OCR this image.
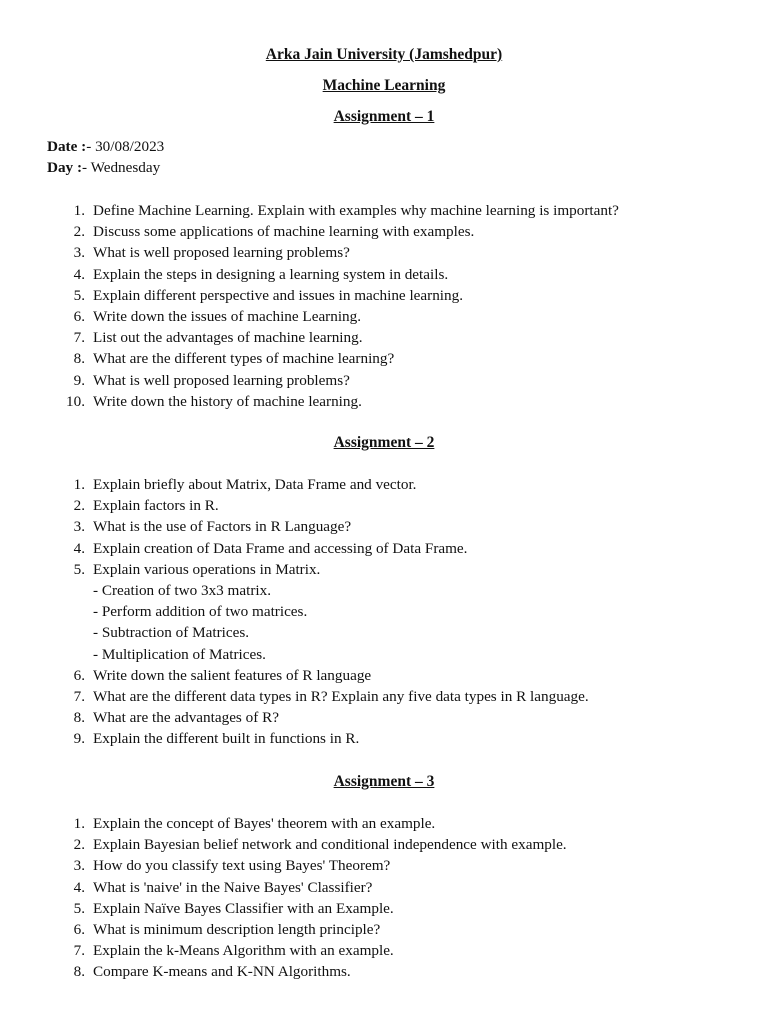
Arka Jain University (Jamshedpur)
Machine Learning
Assignment – 1
Date :- 30/08/2023
Day :- Wednesday
1. Define Machine Learning. Explain with examples why machine learning is important?
2. Discuss some applications of machine learning with examples.
3. What is well proposed learning problems?
4. Explain the steps in designing a learning system in details.
5. Explain different perspective and issues in machine learning.
6. Write down the issues of machine Learning.
7. List out the advantages of machine learning.
8. What are the different types of machine learning?
9. What is well proposed learning problems?
10. Write down the history of machine learning.
Assignment – 2
1. Explain briefly about Matrix, Data Frame and vector.
2. Explain factors in R.
3. What is the use of Factors in R Language?
4. Explain creation of Data Frame and accessing of Data Frame.
5. Explain various operations in Matrix.
- Creation of two 3x3 matrix.
- Perform addition of two matrices.
- Subtraction of Matrices.
- Multiplication of Matrices.
6. Write down the salient features of R language
7. What are the different data types in R? Explain any five data types in R language.
8. What are the advantages of R?
9. Explain the different built in functions in R.
Assignment – 3
1. Explain the concept of Bayes' theorem with an example.
2. Explain Bayesian belief network and conditional independence with example.
3. How do you classify text using Bayes' Theorem?
4. What is 'naive' in the Naive Bayes' Classifier?
5. Explain Naïve Bayes Classifier with an Example.
6. What is minimum description length principle?
7. Explain the k-Means Algorithm with an example.
8. Compare K-means and K-NN Algorithms.
